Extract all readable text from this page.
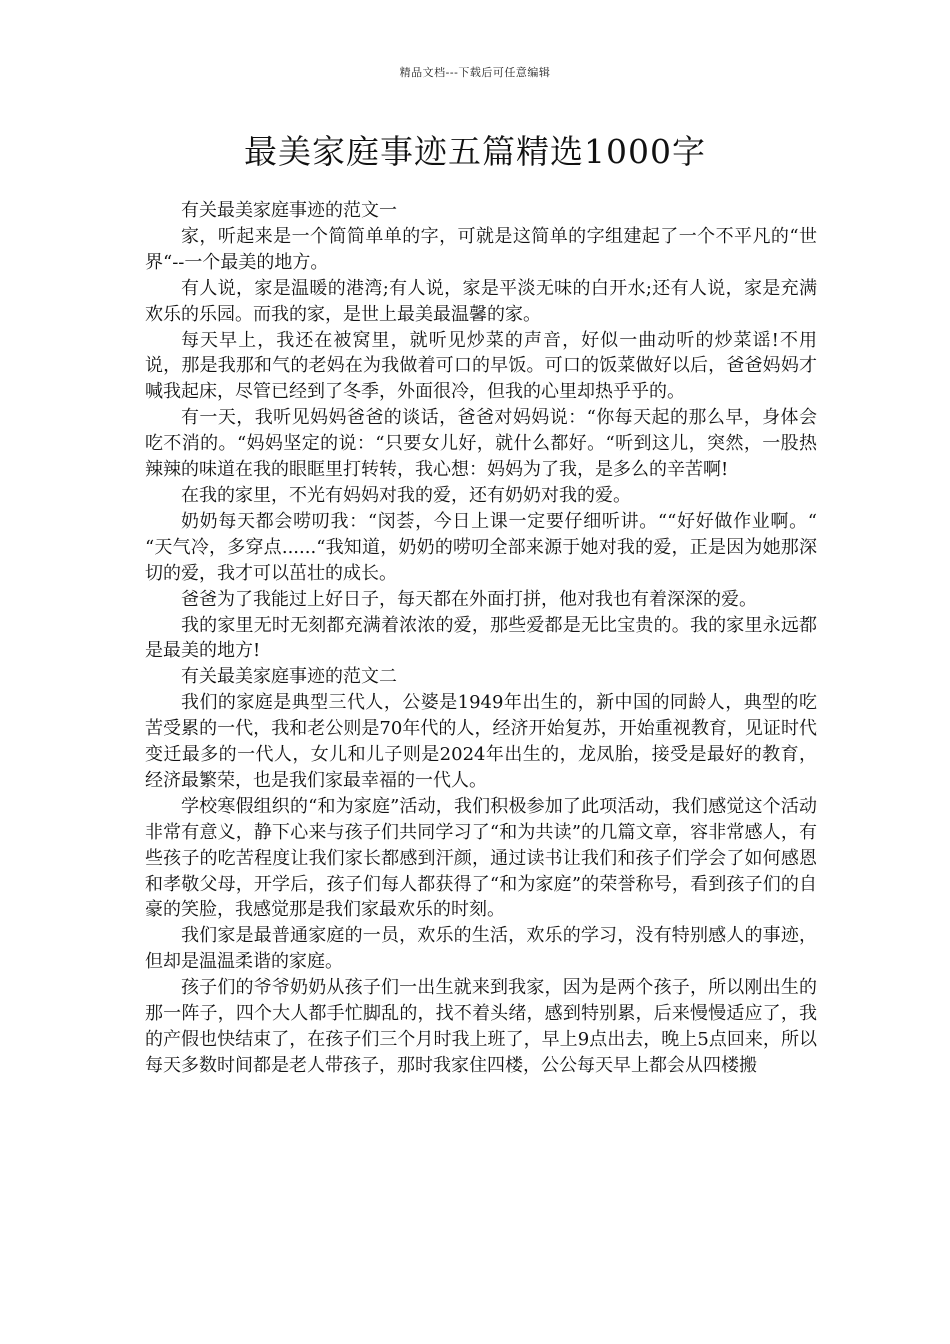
精品文档---下载后可任意编辑
最美家庭事迹五篇精选1000字

有关最美家庭事迹的范文一

家，听起来是一个简简单单的字，可就是这简单的字组建起了一个不平凡的“世界“--一个最美的地方。

有人说，家是温暖的港湾;有人说，家是平淡无味的白开水;还有人说，家是充满欢乐的乐园。而我的家，是世上最美最温馨的家。

每天早上，我还在被窝里，就听见炒菜的声音，好似一曲动听的炒菜谣!不用说，那是我那和气的老妈在为我做着可口的早饭。可口的饭菜做好以后，爸爸妈妈才喊我起床，尽管已经到了冬季，外面很冷，但我的心里却热乎乎的。

有一天，我听见妈妈爸爸的谈话，爸爸对妈妈说：“你每天起的那么早，身体会吃不消的。“妈妈坚定的说：“只要女儿好，就什么都好。“听到这儿，突然，一股热辣辣的味道在我的眼眶里打转转，我心想：妈妈为了我，是多么的辛苦啊!

在我的家里，不光有妈妈对我的爱，还有奶奶对我的爱。

奶奶每天都会唠叨我：“闵荟，今日上课一定要仔细听讲。““好好做作业啊。“ “天气冷，多穿点......“我知道，奶奶的唠叨全部来源于她对我的爱，正是因为她那深切的爱，我才可以茁壮的成长。

爸爸为了我能过上好日子，每天都在外面打拼，他对我也有着深深的爱。

我的家里无时无刻都充满着浓浓的爱，那些爱都是无比宝贵的。我的家里永远都是最美的地方!

有关最美家庭事迹的范文二

我们的家庭是典型三代人，公婆是1949年出生的，新中国的同龄人，典型的吃苦受累的一代，我和老公则是70年代的人，经济开始复苏，开始重视教育，见证时代变迁最多的一代人，女儿和儿子则是2024年出生的，龙凤胎，接受是最好的教育，经济最繁荣，也是我们家最幸福的一代人。

学校寒假组织的“和为家庭”活动，我们积极参加了此项活动，我们感觉这个活动非常有意义，静下心来与孩子们共同学习了“和为共读”的几篇文章，容非常感人，有些孩子的吃苦程度让我们家长都感到汗颜，通过读书让我们和孩子们学会了如何感恩和孝敬父母，开学后，孩子们每人都获得了“和为家庭”的荣誉称号，看到孩子们的自豪的笑脸，我感觉那是我们家最欢乐的时刻。

我们家是最普通家庭的一员，欢乐的生活，欢乐的学习，没有特别感人的事迹，但却是温温柔谐的家庭。

孩子们的爷爷奶奶从孩子们一出生就来到我家，因为是两个孩子，所以刚出生的那一阵子，四个大人都手忙脚乱的，找不着头绪，感到特别累，后来慢慢适应了，我的产假也快结束了，在孩子们三个月时我上班了，早上9点出去，晚上5点回来，所以每天多数时间都是老人带孩子，那时我家住四楼，公公每天早上都会从四楼搬
